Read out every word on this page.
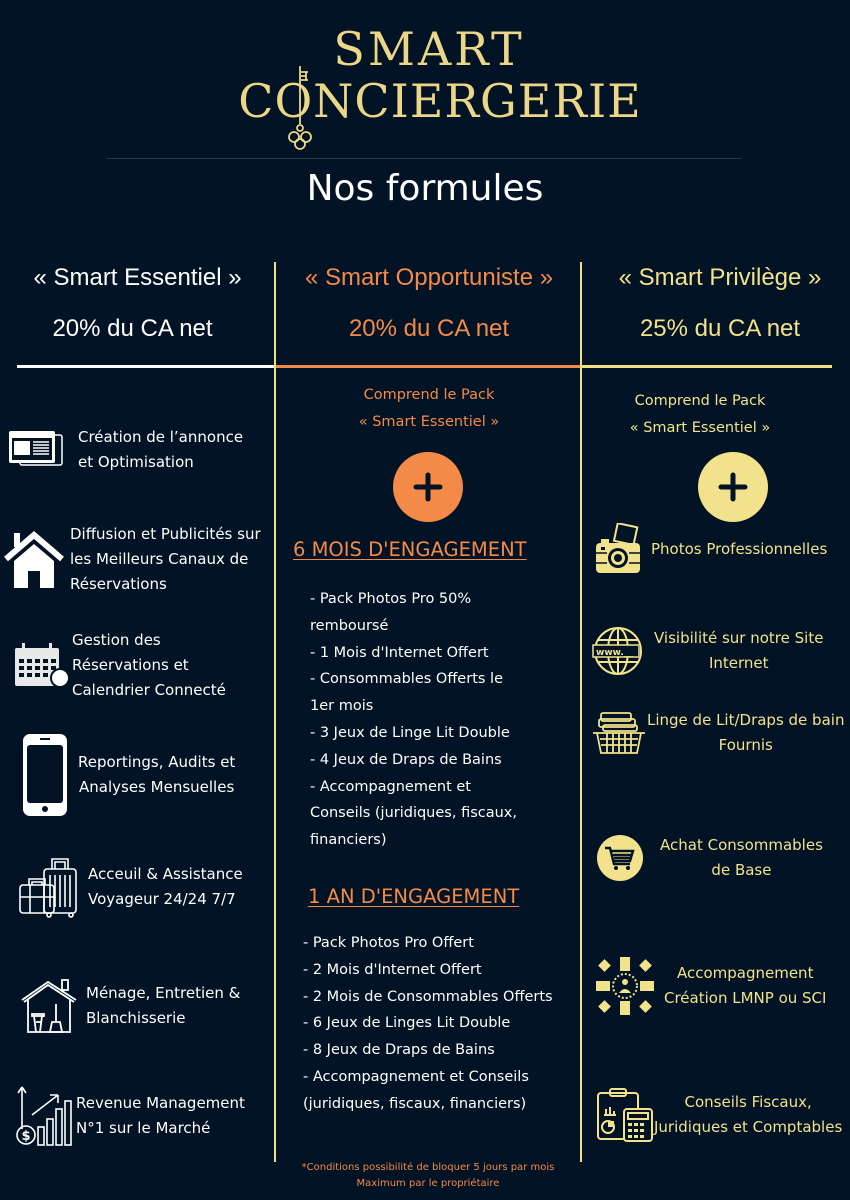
SMART
CONCIERGERIE
Nos formules
« Smart Essentiel »
20% du CA net
« Smart Opportuniste »
20% du CA net
« Smart Privilège »
25% du CA net
Création de l’annonce
et Optimisation
Diffusion et Publicités sur
les Meilleurs Canaux de
Réservations
Gestion des
Réservations et
Calendrier Connecté
Reportings, Audits et
Analyses Mensuelles
Acceuil & Assistance
Voyageur 24/24 7/7
Ménage, Entretien &
Blanchisserie
$
Revenue Management
N°1 sur le Marché
Comprend le Pack
« Smart Essentiel »
6 MOIS D'ENGAGEMENT
- Pack Photos Pro 50%
remboursé
- 1 Mois d'Internet Offert
- Consommables Offerts le
1er mois
- 3 Jeux de Linge Lit Double
- 4 Jeux de Draps de Bains
- Accompagnement et
Conseils (juridiques, fiscaux,
financiers)
1 AN D'ENGAGEMENT
- Pack Photos Pro Offert
- 2 Mois d'Internet Offert
- 2 Mois de Consommables Offerts
- 6 Jeux de Linges Lit Double
- 8 Jeux de Draps de Bains
- Accompagnement et Conseils
(juridiques, fiscaux, financiers)
Comprend le Pack
« Smart Essentiel »
Photos Professionnelles
www.__
Visibilité sur notre Site
Internet
Linge de Lit/Draps de bain
Fournis
Achat Consommables
de Base
Accompagnement
Création LMNP ou SCI
Conseils Fiscaux,
Juridiques et Comptables
*Conditions possibilité de bloquer 5 jours par mois
Maximum par le propriétaire
